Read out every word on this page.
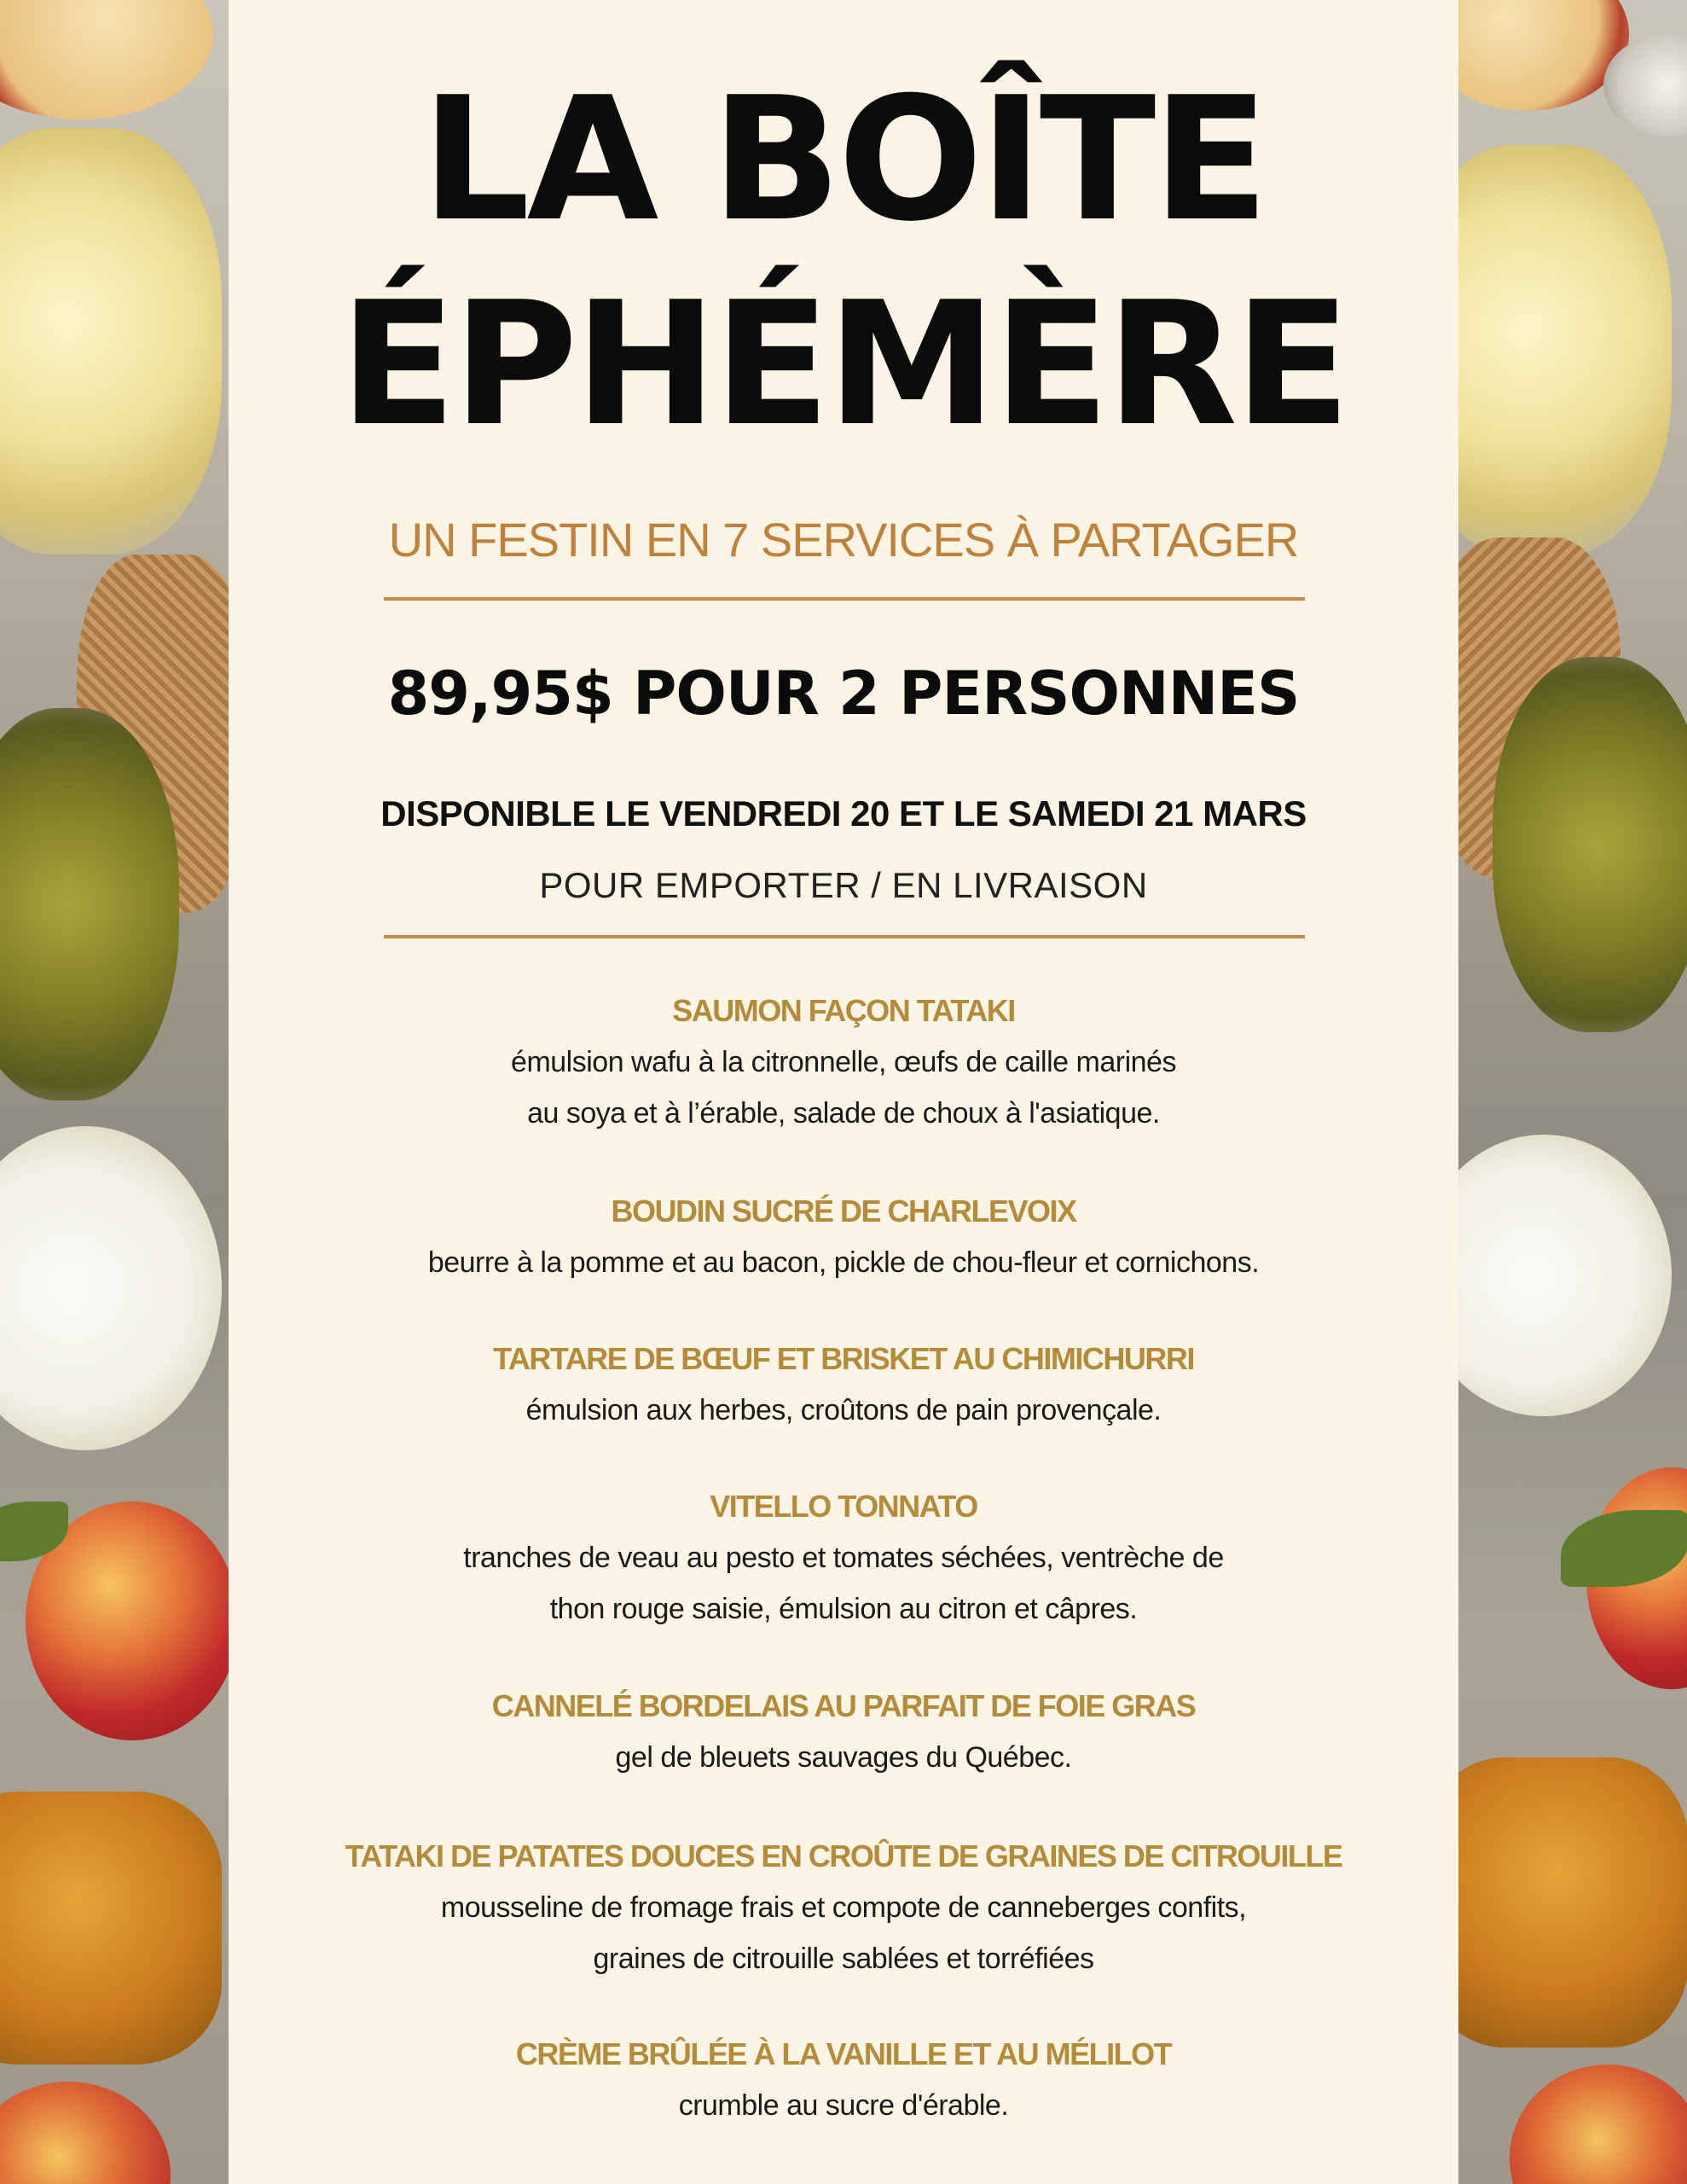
LA BOÎTE
ÉPHÉMÈRE
UN FESTIN EN 7 SERVICES À PARTAGER
89,95$ POUR 2 PERSONNES
DISPONIBLE LE VENDREDI 20 ET LE SAMEDI 21 MARS
POUR EMPORTER / EN LIVRAISON
SAUMON FAÇON TATAKI
émulsion wafu à la citronnelle, œufs de caille marinés
au soya et à l’érable, salade de choux à l'asiatique.
BOUDIN SUCRÉ DE CHARLEVOIX
beurre à la pomme et au bacon, pickle de chou-fleur et cornichons.
TARTARE DE BŒUF ET BRISKET AU CHIMICHURRI
émulsion aux herbes, croûtons de pain provençale.
VITELLO TONNATO
tranches de veau au pesto et tomates séchées, ventrèche de
thon rouge saisie, émulsion au citron et câpres.
CANNELÉ BORDELAIS AU PARFAIT DE FOIE GRAS
gel de bleuets sauvages du Québec.
TATAKI DE PATATES DOUCES EN CROÛTE DE GRAINES DE CITROUILLE
mousseline de fromage frais et compote de canneberges confits,
graines de citrouille sablées et torréfiées
CRÈME BRÛLÉE À LA VANILLE ET AU MÉLILOT
crumble au sucre d'érable.
